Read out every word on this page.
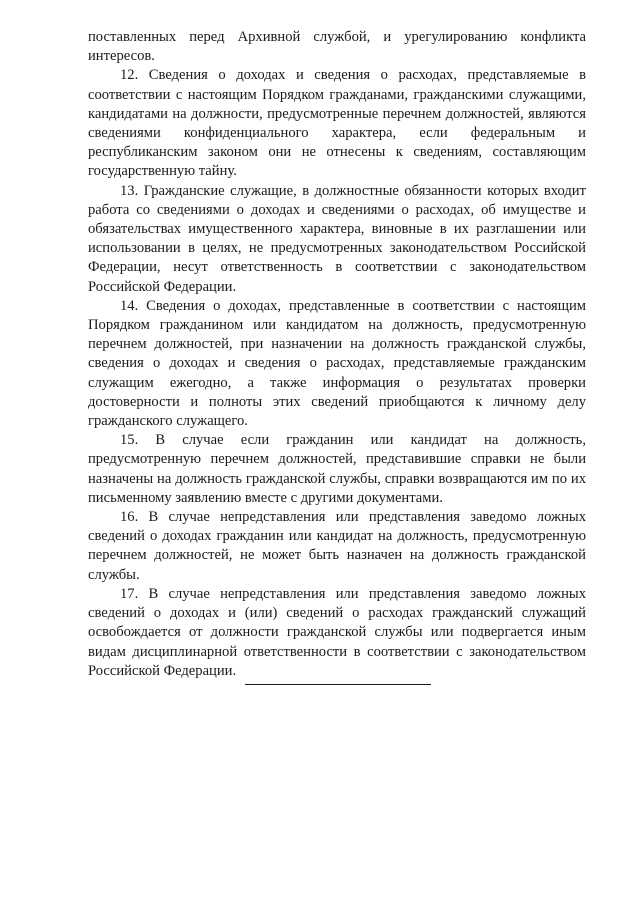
поставленных перед Архивной службой, и урегулированию конфликта интересов.

12. Сведения о доходах и сведения о расходах, представляемые в соответствии с настоящим Порядком гражданами, гражданскими служащими, кандидатами на должности, предусмотренные перечнем должностей, являются сведениями конфиденциального характера, если федеральным и республиканским законом они не отнесены к сведениям, составляющим государственную тайну.

13. Гражданские служащие, в должностные обязанности которых входит работа со сведениями о доходах и сведениями о расходах, об имуществе и обязательствах имущественного характера, виновные в их разглашении или использовании в целях, не предусмотренных законодательством Российской Федерации, несут ответственность в соответствии с законодательством Российской Федерации.

14. Сведения о доходах, представленные в соответствии с настоящим Порядком гражданином или кандидатом на должность, предусмотренную перечнем должностей, при назначении на должность гражданской службы, сведения о доходах и сведения о расходах, представляемые гражданским служащим ежегодно, а также информация о результатах проверки достоверности и полноты этих сведений приобщаются к личному делу гражданского служащего.

15. В случае если гражданин или кандидат на должность, предусмотренную перечнем должностей, представившие справки не были назначены на должность гражданской службы, справки возвращаются им по их письменному заявлению вместе с другими документами.

16. В случае непредставления или представления заведомо ложных сведений о доходах гражданин или кандидат на должность, предусмотренную перечнем должностей, не может быть назначен на должность гражданской службы.

17. В случае непредставления или представления заведомо ложных сведений о доходах и (или) сведений о расходах гражданский служащий освобождается от должности гражданской службы или подвергается иным видам дисциплинарной ответственности в соответствии с законодательством Российской Федерации.
